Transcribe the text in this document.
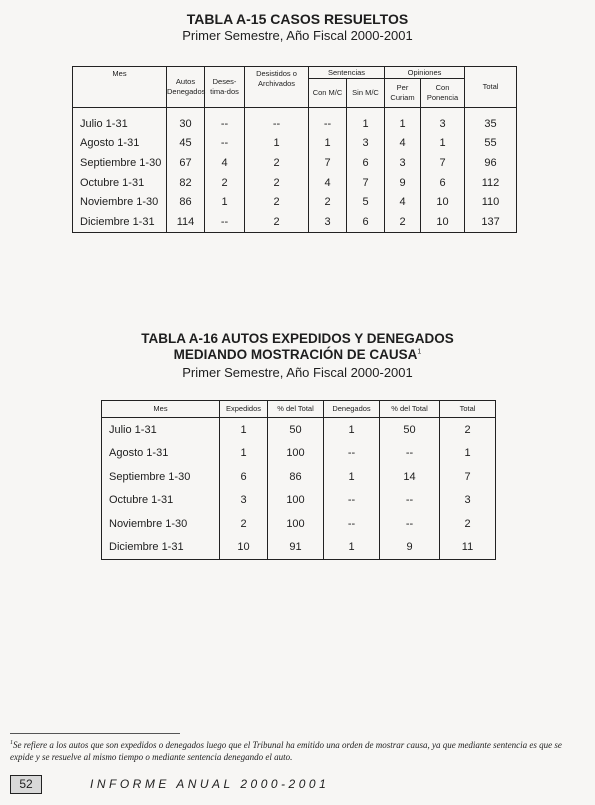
TABLA A-15 CASOS RESUELTOS
Primer Semestre, Año Fiscal 2000-2001
Mes	Autos Denegados	Deses-tima-dos	Desistidos o Archivados	Sentencias		Opiniones		Total
				Con M/C	Sin M/C	Per Curiam	Con Ponencia	
Julio 1-31	30	--	--	--	1	1	3	35
Agosto 1-31	45	--	1	1	3	4	1	55
Septiembre 1-30	67	4	2	7	6	3	7	96
Octubre 1-31	82	2	2	4	7	9	6	112
Noviembre 1-30	86	1	2	2	5	4	10	110
Diciembre 1-31	114	--	2	3	6	2	10	137
TABLA A-16 AUTOS EXPEDIDOS Y DENEGADOS
MEDIANDO MOSTRACIÓN DE CAUSA$^1$
Primer Semestre, Año Fiscal 2000-2001
Mes	Expedidos	% del Total	Denegados	% del Total	Total
Julio 1-31	1	50	1	50	2
Agosto 1-31	1	100	--	--	1
Septiembre 1-30	6	86	1	14	7
Octubre 1-31	3	100	--	--	3
Noviembre 1-30	2	100	--	--	2
Diciembre 1-31	10	91	1	9	11
$^1$Se refiere a los autos que son expedidos o denegados luego que el Tribunal ha emitido una orden de mostrar causa, ya que mediante sentencia es que se expide y se resuelve al mismo tiempo o mediante sentencia denegando el auto.
52	INFORME ANUAL 2000-2001
